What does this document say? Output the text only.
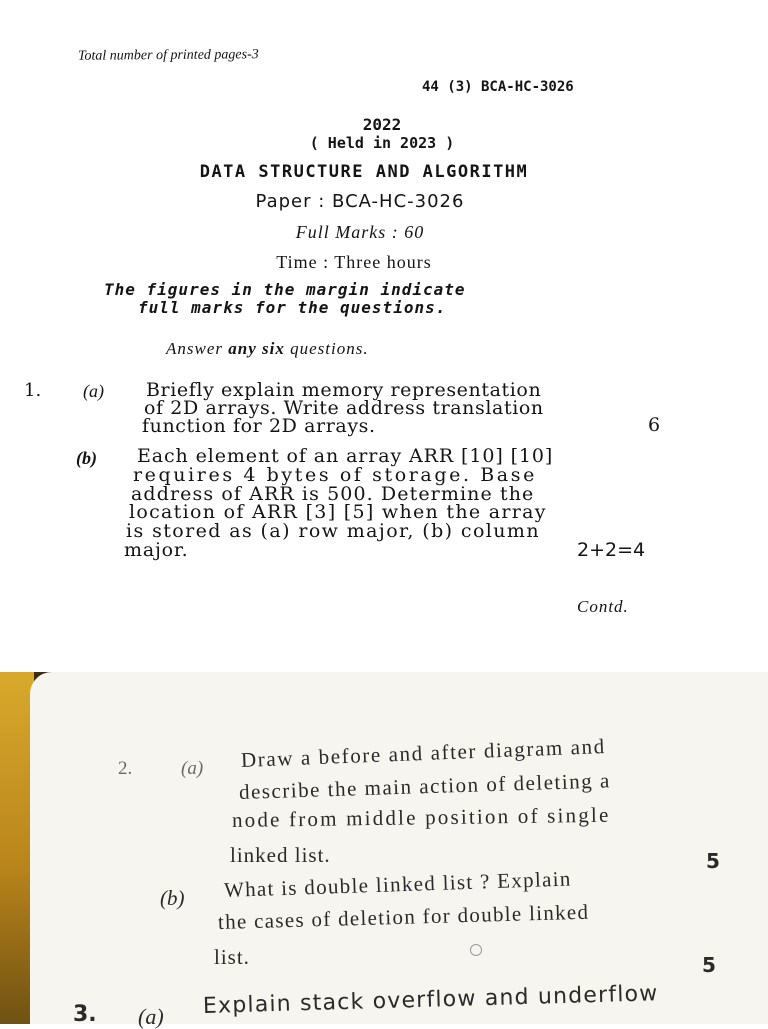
Total number of printed pages-3
44 (3) BCA-HC-3026
2022
( Held in 2023 )
DATA STRUCTURE AND ALGORITHM
Paper : BCA-HC-3026
Full Marks : 60
Time : Three hours
The figures in the margin indicate
full marks for the questions.
Answer any six questions.
1. (a) Briefly explain memory representation
of 2D arrays. Write address translation
function for 2D arrays.	6
(b) Each element of an array ARR [10] [10]
requires 4 bytes of storage. Base
address of ARR is 500. Determine the
location of ARR [3] [5] when the array
is stored as (a) row major, (b) column
major.	2+2=4
Contd.
2.	(a) Draw a before and after diagram and
describe the main action of deleting a
node from middle position of single
linked list.	5
(b) What is double linked list ? Explain
the cases of deletion for double linked
list.	5
3. (a) Explain stack overflow and underflow
